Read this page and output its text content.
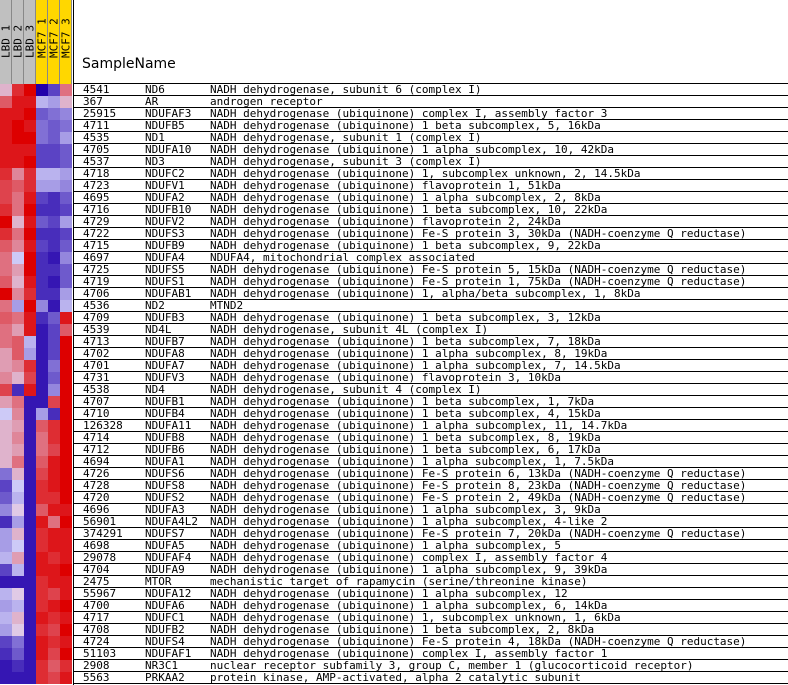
LBD_1 LBD_2 LBD_3 MCF7_1 MCF7_2 MCF7_3
SampleName
4541	ND6	NADH dehydrogenase, subunit 6 (complex I)
367	AR	androgen receptor
25915	NDUFAF3 NADH dehydrogenase (ubiquinone) complex I, assembly factor 3
4711	NDUFB5 NADH dehydrogenase (ubiquinone) 1 beta subcomplex, 5, 16kDa
4535	ND1	NADH dehydrogenase, subunit 1 (complex I)
4705	NDUFA10 NADH dehydrogenase (ubiquinone) 1 alpha subcomplex, 10, 42kDa
4537	ND3	NADH dehydrogenase, subunit 3 (complex I)
4718	NDUFC2 NADH dehydrogenase (ubiquinone) 1, subcomplex unknown, 2, 14.5kDa
4723	NDUFV1 NADH dehydrogenase (ubiquinone) flavoprotein 1, 51kDa
4695	NDUFA2 NADH dehydrogenase (ubiquinone) 1 alpha subcomplex, 2, 8kDa
4716	NDUFB10 NADH dehydrogenase (ubiquinone) 1 beta subcomplex, 10, 22kDa
4729	NDUFV2 NADH dehydrogenase (ubiquinone) flavoprotein 2, 24kDa
4722	NDUFS3 NADH dehydrogenase (ubiquinone) Fe-S protein 3, 30kDa (NADH-coenzyme Q reductase)
4715	NDUFB9 NADH dehydrogenase (ubiquinone) 1 beta subcomplex, 9, 22kDa
4697	NDUFA4 NDUFA4, mitochondrial complex associated
4725	NDUFS5 NADH dehydrogenase (ubiquinone) Fe-S protein 5, 15kDa (NADH-coenzyme Q reductase)
4719	NDUFS1 NADH dehydrogenase (ubiquinone) Fe-S protein 1, 75kDa (NADH-coenzyme Q reductase)
4706	NDUFAB1 NADH dehydrogenase (ubiquinone) 1, alpha/beta subcomplex, 1, 8kDa
4536	ND2	MTND2
4709	NDUFB3 NADH dehydrogenase (ubiquinone) 1 beta subcomplex, 3, 12kDa
4539	ND4L	NADH dehydrogenase, subunit 4L (complex I)
4713	NDUFB7 NADH dehydrogenase (ubiquinone) 1 beta subcomplex, 7, 18kDa
4702	NDUFA8 NADH dehydrogenase (ubiquinone) 1 alpha subcomplex, 8, 19kDa
4701	NDUFA7 NADH dehydrogenase (ubiquinone) 1 alpha subcomplex, 7, 14.5kDa
4731	NDUFV3 NADH dehydrogenase (ubiquinone) flavoprotein 3, 10kDa
4538	ND4	NADH dehydrogenase, subunit 4 (complex I)
4707	NDUFB1 NADH dehydrogenase (ubiquinone) 1 beta subcomplex, 1, 7kDa
4710	NDUFB4 NADH dehydrogenase (ubiquinone) 1 beta subcomplex, 4, 15kDa
126328 NDUFA11 NADH dehydrogenase (ubiquinone) 1 alpha subcomplex, 11, 14.7kDa
4714	NDUFB8 NADH dehydrogenase (ubiquinone) 1 beta subcomplex, 8, 19kDa
4712	NDUFB6 NADH dehydrogenase (ubiquinone) 1 beta subcomplex, 6, 17kDa
4694	NDUFA1 NADH dehydrogenase (ubiquinone) 1 alpha subcomplex, 1, 7.5kDa
4726	NDUFS6 NADH dehydrogenase (ubiquinone) Fe-S protein 6, 13kDa (NADH-coenzyme Q reductase)
4728	NDUFS8 NADH dehydrogenase (ubiquinone) Fe-S protein 8, 23kDa (NADH-coenzyme Q reductase)
4720	NDUFS2 NADH dehydrogenase (ubiquinone) Fe-S protein 2, 49kDa (NADH-coenzyme Q reductase)
4696	NDUFA3 NADH dehydrogenase (ubiquinone) 1 alpha subcomplex, 3, 9kDa
56901	NDUFA4L2 NADH dehydrogenase (ubiquinone) 1 alpha subcomplex, 4-like 2
374291 NDUFS7 NADH dehydrogenase (ubiquinone) Fe-S protein 7, 20kDa (NADH-coenzyme Q reductase)
4698	NDUFA5 NADH dehydrogenase (ubiquinone) 1 alpha subcomplex, 5
29078	NDUFAF4 NADH dehydrogenase (ubiquinone) complex I, assembly factor 4
4704	NDUFA9 NADH dehydrogenase (ubiquinone) 1 alpha subcomplex, 9, 39kDa
2475	MTOR	mechanistic target of rapamycin (serine/threonine kinase)
55967	NDUFA12 NADH dehydrogenase (ubiquinone) 1 alpha subcomplex, 12
4700	NDUFA6 NADH dehydrogenase (ubiquinone) 1 alpha subcomplex, 6, 14kDa
4717	NDUFC1 NADH dehydrogenase (ubiquinone) 1, subcomplex unknown, 1, 6kDa
4708	NDUFB2 NADH dehydrogenase (ubiquinone) 1 beta subcomplex, 2, 8kDa
4724	NDUFS4 NADH dehydrogenase (ubiquinone) Fe-S protein 4, 18kDa (NADH-coenzyme Q reductase)
51103	NDUFAF1 NADH dehydrogenase (ubiquinone) complex I, assembly factor 1
2908	NR3C1	nuclear receptor subfamily 3, group C, member 1 (glucocorticoid receptor)
5563	PRKAA2 protein kinase, AMP-activated, alpha 2 catalytic subunit
